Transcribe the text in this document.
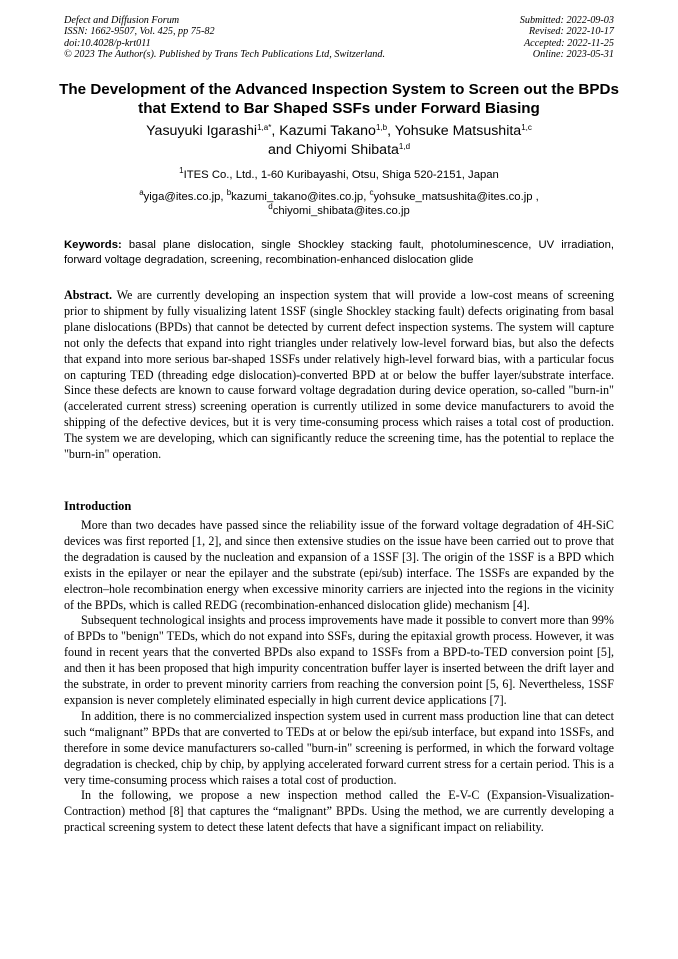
Defect and Diffusion Forum
ISSN: 1662-9507, Vol. 425, pp 75-82
doi:10.4028/p-krt011
© 2023 The Author(s). Published by Trans Tech Publications Ltd, Switzerland.
Submitted: 2022-09-03
Revised: 2022-10-17
Accepted: 2022-11-25
Online: 2023-05-31
The Development of the Advanced Inspection System to Screen out the BPDs that Extend to Bar Shaped SSFs under Forward Biasing
Yasuyuki Igarashi$^{1,a*}$, Kazumi Takano$^{1,b}$, Yohsuke Matsushita$^{1,c}$
and Chiyomi Shibata$^{1,d}$
$^1$ITES Co., Ltd., 1-60 Kuribayashi, Otsu, Shiga 520-2151, Japan
$^a$yiga@ites.co.jp, $^b$kazumi_takano@ites.co.jp, $^c$yohsuke_matsushita@ites.co.jp ,
$^d$chiyomi_shibata@ites.co.jp
Keywords: basal plane dislocation, single Shockley stacking fault, photoluminescence, UV irradiation, forward voltage degradation, screening, recombination-enhanced dislocation glide

Abstract. We are currently developing an inspection system that will provide a low-cost means of screening prior to shipment by fully visualizing latent 1SSF (single Shockley stacking fault) defects originating from basal plane dislocations (BPDs) that cannot be detected by current defect inspection systems. The system will capture not only the defects that expand into right triangles under relatively low-level forward bias, but also the defects that expand into more serious bar-shaped 1SSFs under relatively high-level forward bias, with a particular focus on capturing TED (threading edge dislocation)-converted BPD at or below the buffer layer/substrate interface. Since these defects are known to cause forward voltage degradation during device operation, so-called "burn-in" (accelerated current stress) screening operation is currently utilized in some device manufacturers to avoid the shipping of the defective devices, but it is very time-consuming process which raises a total cost of production. The system we are developing, which can significantly reduce the screening time, has the potential to replace the "burn-in" operation.

Introduction

More than two decades have passed since the reliability issue of the forward voltage degradation of 4H-SiC devices was first reported [1, 2], and since then extensive studies on the issue have been carried out to prove that the degradation is caused by the nucleation and expansion of a 1SSF [3]. The origin of the 1SSF is a BPD which exists in the epilayer or near the epilayer and the substrate (epi/sub) interface. The 1SSFs are expanded by the electron–hole recombination energy when excessive minority carriers are injected into the regions in the vicinity of the BPDs, which is called REDG (recombination-enhanced dislocation glide) mechanism [4].

Subsequent technological insights and process improvements have made it possible to convert more than 99% of BPDs to "benign" TEDs, which do not expand into SSFs, during the epitaxial growth process. However, it was found in recent years that the converted BPDs also expand to 1SSFs from a BPD-to-TED conversion point [5], and then it has been proposed that high impurity concentration buffer layer is inserted between the drift layer and the substrate, in order to prevent minority carriers from reaching the conversion point [5, 6]. Nevertheless, 1SSF expansion is never completely eliminated especially in high current device applications [7].

In addition, there is no commercialized inspection system used in current mass production line that can detect such “malignant” BPDs that are converted to TEDs at or below the epi/sub interface, but expand into 1SSFs, and therefore in some device manufacturers so-called "burn-in" screening is performed, in which the forward voltage degradation is checked, chip by chip, by applying accelerated forward current stress for a certain period. This is a very time-consuming process which raises a total cost of production.

In the following, we propose a new inspection method called the E-V-C (Expansion-Visualization-Contraction) method [8] that captures the “malignant” BPDs. Using the method, we are currently developing a practical screening system to detect these latent defects that have a significant impact on reliability.
